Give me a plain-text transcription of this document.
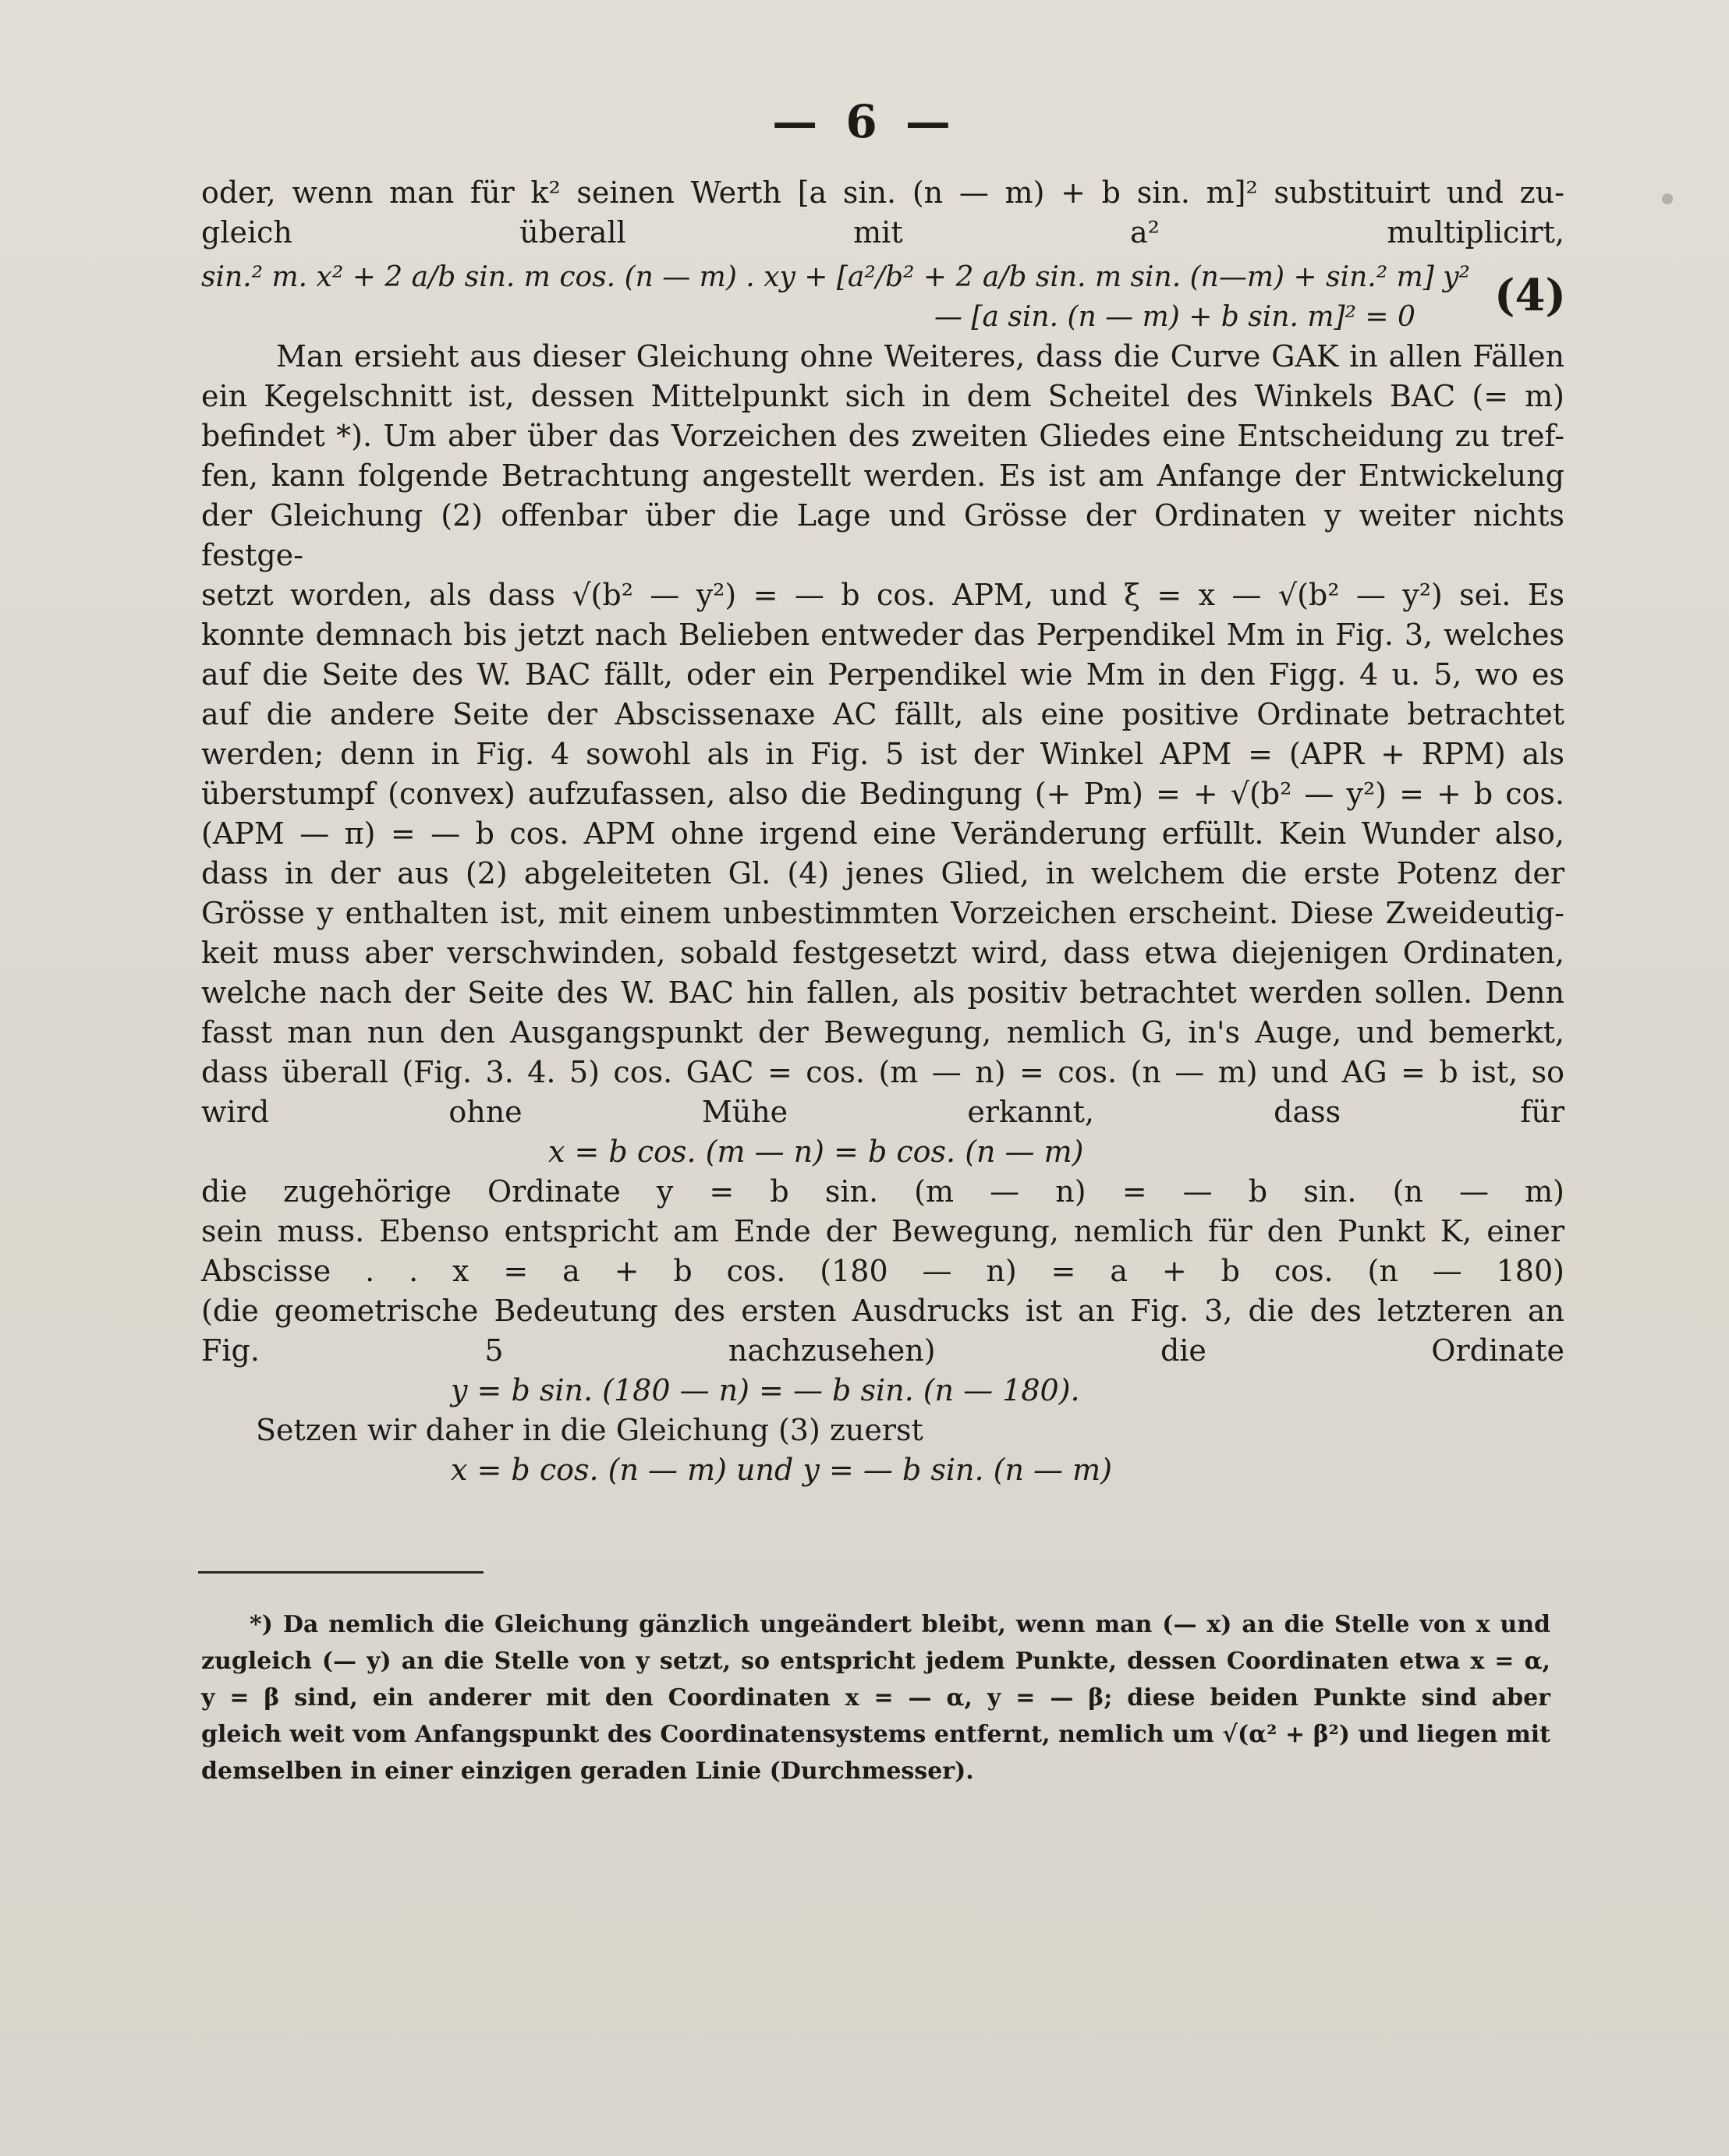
— 6 —
oder, wenn man für k² seinen Werth [a sin. (n — m) + b sin. m]² substituirt und zu-
gleich überall mit a² multiplicirt,
sin.² m. x² + 2 a/b sin. m cos. (n — m) . xy + [a²/b² + 2 a/b sin. m sin. (n—m) + sin.² m] y²
— [a sin. (n — m) + b sin. m]² = 0	(4)
Man ersieht aus dieser Gleichung ohne Weiteres, dass die Curve GAK in allen Fällen
ein Kegelschnitt ist, dessen Mittelpunkt sich in dem Scheitel des Winkels BAC (= m)
befindet *). Um aber über das Vorzeichen des zweiten Gliedes eine Entscheidung zu tref-
fen, kann folgende Betrachtung angestellt werden. Es ist am Anfange der Entwickelung
der Gleichung (2) offenbar über die Lage und Grösse der Ordinaten y weiter nichts festge-
setzt worden, als dass √(b² — y²) = — b cos. APM, und ξ = x — √(b² — y²) sei. Es
konnte demnach bis jetzt nach Belieben entweder das Perpendikel Mm in Fig. 3, welches
auf die Seite des W. BAC fällt, oder ein Perpendikel wie Mm in den Figg. 4 u. 5, wo es
auf die andere Seite der Abscissenaxe AC fällt, als eine positive Ordinate betrachtet
werden; denn in Fig. 4 sowohl als in Fig. 5 ist der Winkel APM = (APR + RPM) als
überstumpf (convex) aufzufassen, also die Bedingung (+ Pm) = + √(b² — y²) = + b cos.
(APM — π) = — b cos. APM ohne irgend eine Veränderung erfüllt. Kein Wunder also,
dass in der aus (2) abgeleiteten Gl. (4) jenes Glied, in welchem die erste Potenz der
Grösse y enthalten ist, mit einem unbestimmten Vorzeichen erscheint. Diese Zweideutig-
keit muss aber verschwinden, sobald festgesetzt wird, dass etwa diejenigen Ordinaten,
welche nach der Seite des W. BAC hin fallen, als positiv betrachtet werden sollen. Denn
fasst man nun den Ausgangspunkt der Bewegung, nemlich G, in's Auge, und bemerkt,
dass überall (Fig. 3. 4. 5) cos. GAC = cos. (m — n) = cos. (n — m) und AG = b ist, so
wird ohne Mühe erkannt, dass für
x = b cos. (m — n) = b cos. (n — m)
die zugehörige Ordinate y = b sin. (m — n) = — b sin. (n — m)
sein muss. Ebenso entspricht am Ende der Bewegung, nemlich für den Punkt K, einer
Abscisse . . x = a + b cos. (180 — n) = a + b cos. (n — 180)
(die geometrische Bedeutung des ersten Ausdrucks ist an Fig. 3, die des letzteren an
Fig. 5 nachzusehen) die Ordinate
y = b sin. (180 — n) = — b sin. (n — 180).
Setzen wir daher in die Gleichung (3) zuerst
x = b cos. (n — m) und y = — b sin. (n — m)
*) Da nemlich die Gleichung gänzlich ungeändert bleibt, wenn man (— x) an die Stelle von x und
zugleich (— y) an die Stelle von y setzt, so entspricht jedem Punkte, dessen Coordinaten etwa x = α,
y = β sind, ein anderer mit den Coordinaten x = — α, y = — β; diese beiden Punkte sind aber
gleich weit vom Anfangspunkt des Coordinatensystems entfernt, nemlich um √(α² + β²) und liegen mit
demselben in einer einzigen geraden Linie (Durchmesser).
